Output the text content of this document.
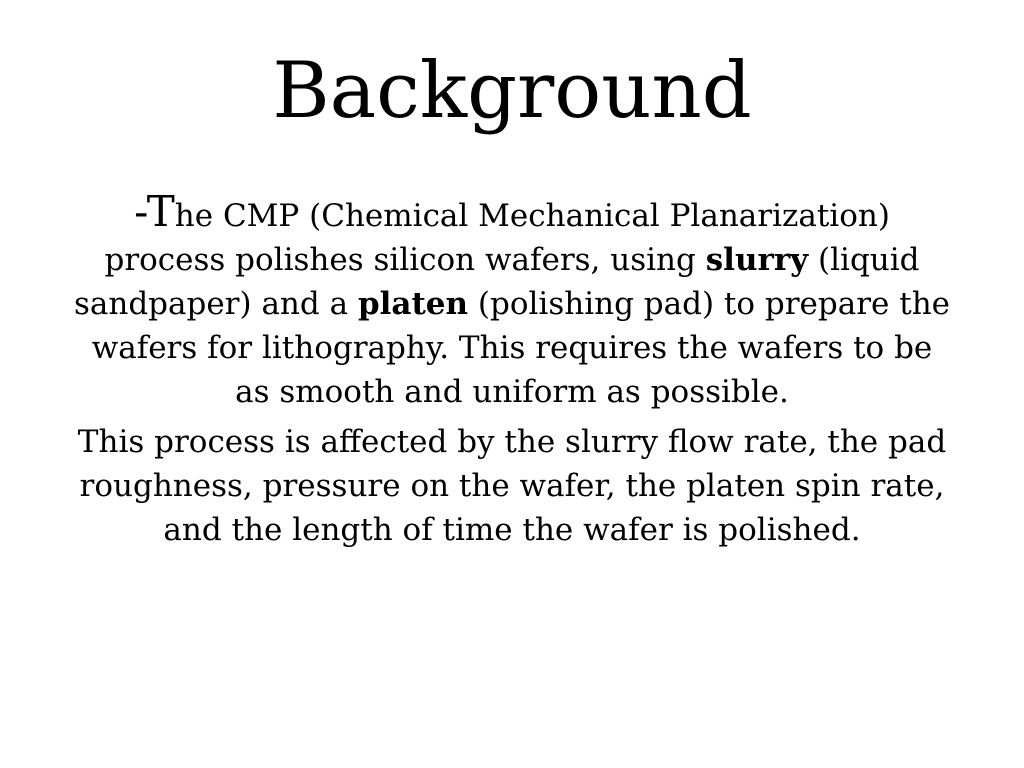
Background

-The CMP (Chemical Mechanical Planarization) process polishes silicon wafers, using slurry (liquid sandpaper) and a platen (polishing pad) to prepare the wafers for lithography. This requires the wafers to be as smooth and uniform as possible.

This process is affected by the slurry flow rate, the pad roughness, pressure on the wafer, the platen spin rate, and the length of time the wafer is polished.
